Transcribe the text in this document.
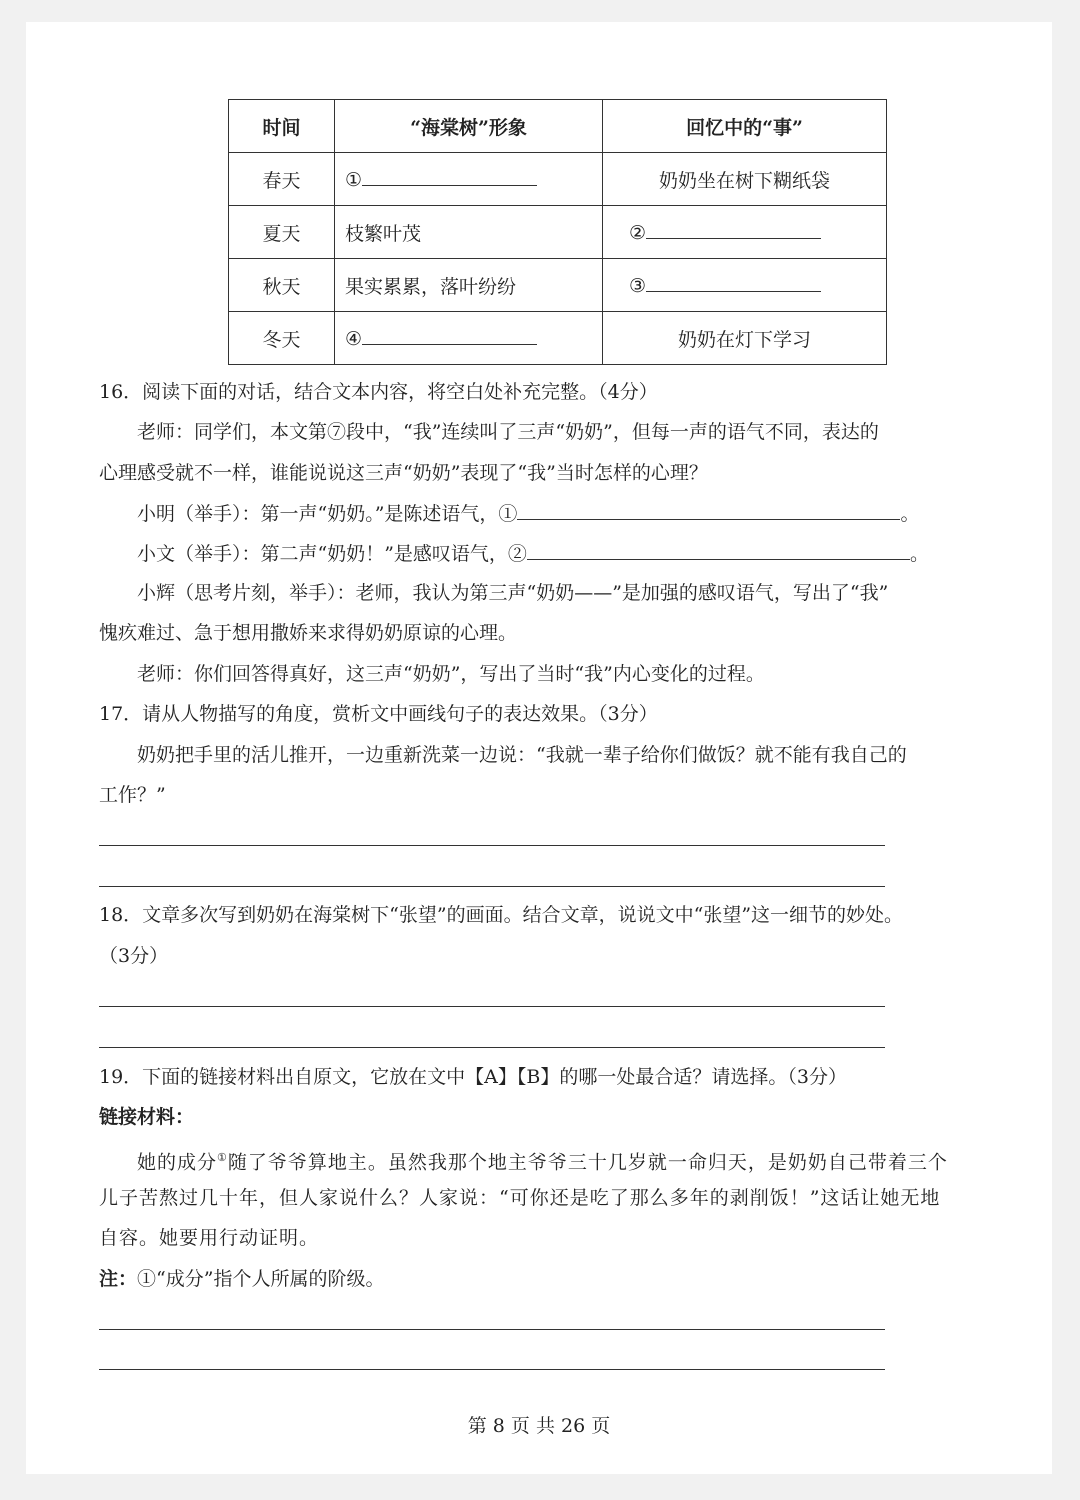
时间	“海棠树”形象	回忆中的“事”
春天	①	奶奶坐在树下糊纸袋
夏天	枝繁叶茂	②
秋天	果实累累，落叶纷纷	③
冬天	④	奶奶在灯下学习
16．阅读下面的对话，结合文本内容，将空白处补充完整。（4分）
老师：同学们，本文第⑦段中，“我”连续叫了三声“奶奶”，但每一声的语气不同，表达的
心理感受就不一样，谁能说说这三声“奶奶”表现了“我”当时怎样的心理？
小明（举手）：第一声“奶奶。”是陈述语气，①	。
小文（举手）：第二声“奶奶！”是感叹语气，②	。
小辉（思考片刻，举手）：老师，我认为第三声“奶奶——”是加强的感叹语气，写出了“我”
愧疚难过、急于想用撒娇来求得奶奶原谅的心理。
老师：你们回答得真好，这三声“奶奶”，写出了当时“我”内心变化的过程。
17．请从人物描写的角度，赏析文中画线句子的表达效果。（3分）
奶奶把手里的活儿推开，一边重新洗菜一边说：“我就一辈子给你们做饭？就不能有我自己的
工作？”
18．文章多次写到奶奶在海棠树下“张望”的画面。结合文章，说说文中“张望”这一细节的妙处。
（3分）
19．下面的链接材料出自原文，它放在文中【A】【B】的哪一处最合适？请选择。（3分）
链接材料：
她的成分①随了爷爷算地主。虽然我那个地主爷爷三十几岁就一命归天，是奶奶自己带着三个
儿子苦熬过几十年，但人家说什么？人家说：“可你还是吃了那么多年的剥削饭！”这话让她无地
自容。她要用行动证明。
注：①“成分”指个人所属的阶级。
第 8 页 共 26 页
